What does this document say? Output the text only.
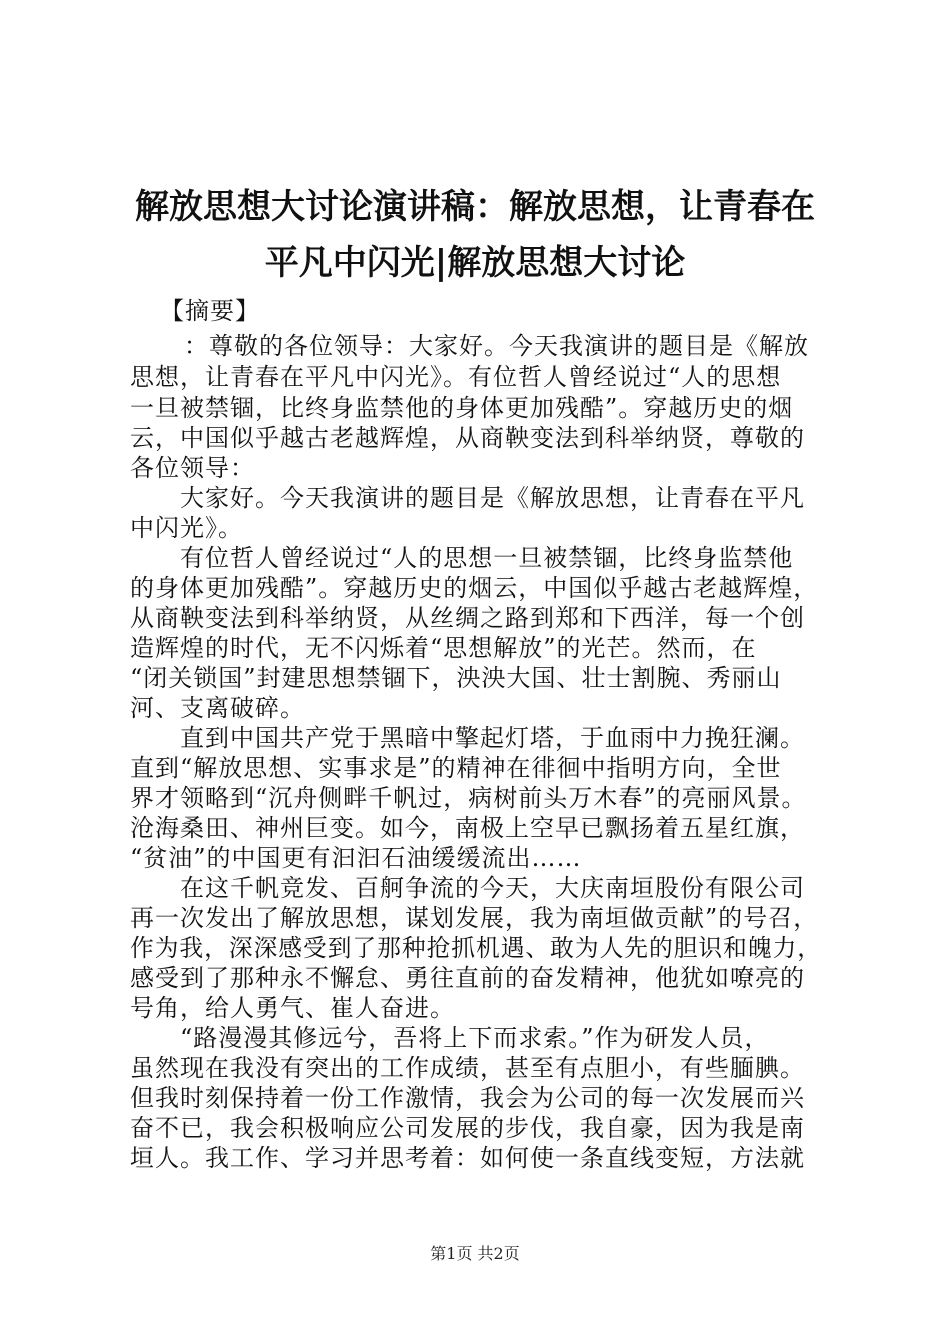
解放思想大讨论演讲稿：解放思想，让青春在
平凡中闪光|解放思想大讨论
【摘要】
：尊敬的各位领导：大家好。今天我演讲的题目是《解放
思想，让青春在平凡中闪光》。有位哲人曾经说过“人的思想
一旦被禁锢，比终身监禁他的身体更加残酷”。穿越历史的烟
云，中国似乎越古老越辉煌，从商鞅变法到科举纳贤，尊敬的
各位领导：
大家好。今天我演讲的题目是《解放思想，让青春在平凡
中闪光》。
有位哲人曾经说过“人的思想一旦被禁锢，比终身监禁他
的身体更加残酷”。穿越历史的烟云，中国似乎越古老越辉煌，
从商鞅变法到科举纳贤，从丝绸之路到郑和下西洋，每一个创
造辉煌的时代，无不闪烁着“思想解放”的光芒。然而，在
“闭关锁国”封建思想禁锢下，泱泱大国、壮士割腕、秀丽山
河、支离破碎。
直到中国共产党于黑暗中擎起灯塔，于血雨中力挽狂澜。
直到“解放思想、实事求是”的精神在徘徊中指明方向，全世
界才领略到“沉舟侧畔千帆过，病树前头万木春”的亮丽风景。
沧海桑田、神州巨变。如今，南极上空早已飘扬着五星红旗，
“贫油”的中国更有汩汩石油缓缓流出……
在这千帆竞发、百舸争流的今天，大庆南垣股份有限公司
再一次发出了解放思想，谋划发展，我为南垣做贡献”的号召，
作为我，深深感受到了那种抢抓机遇、敢为人先的胆识和魄力，
感受到了那种永不懈怠、勇往直前的奋发精神，他犹如嘹亮的
号角，给人勇气、崔人奋进。
“路漫漫其修远兮，吾将上下而求索。”作为研发人员，
虽然现在我没有突出的工作成绩，甚至有点胆小，有些腼腆。
但我时刻保持着一份工作激情，我会为公司的每一次发展而兴
奋不已，我会积极响应公司发展的步伐，我自豪，因为我是南
垣人。我工作、学习并思考着：如何使一条直线变短，方法就
第1页 共2页
